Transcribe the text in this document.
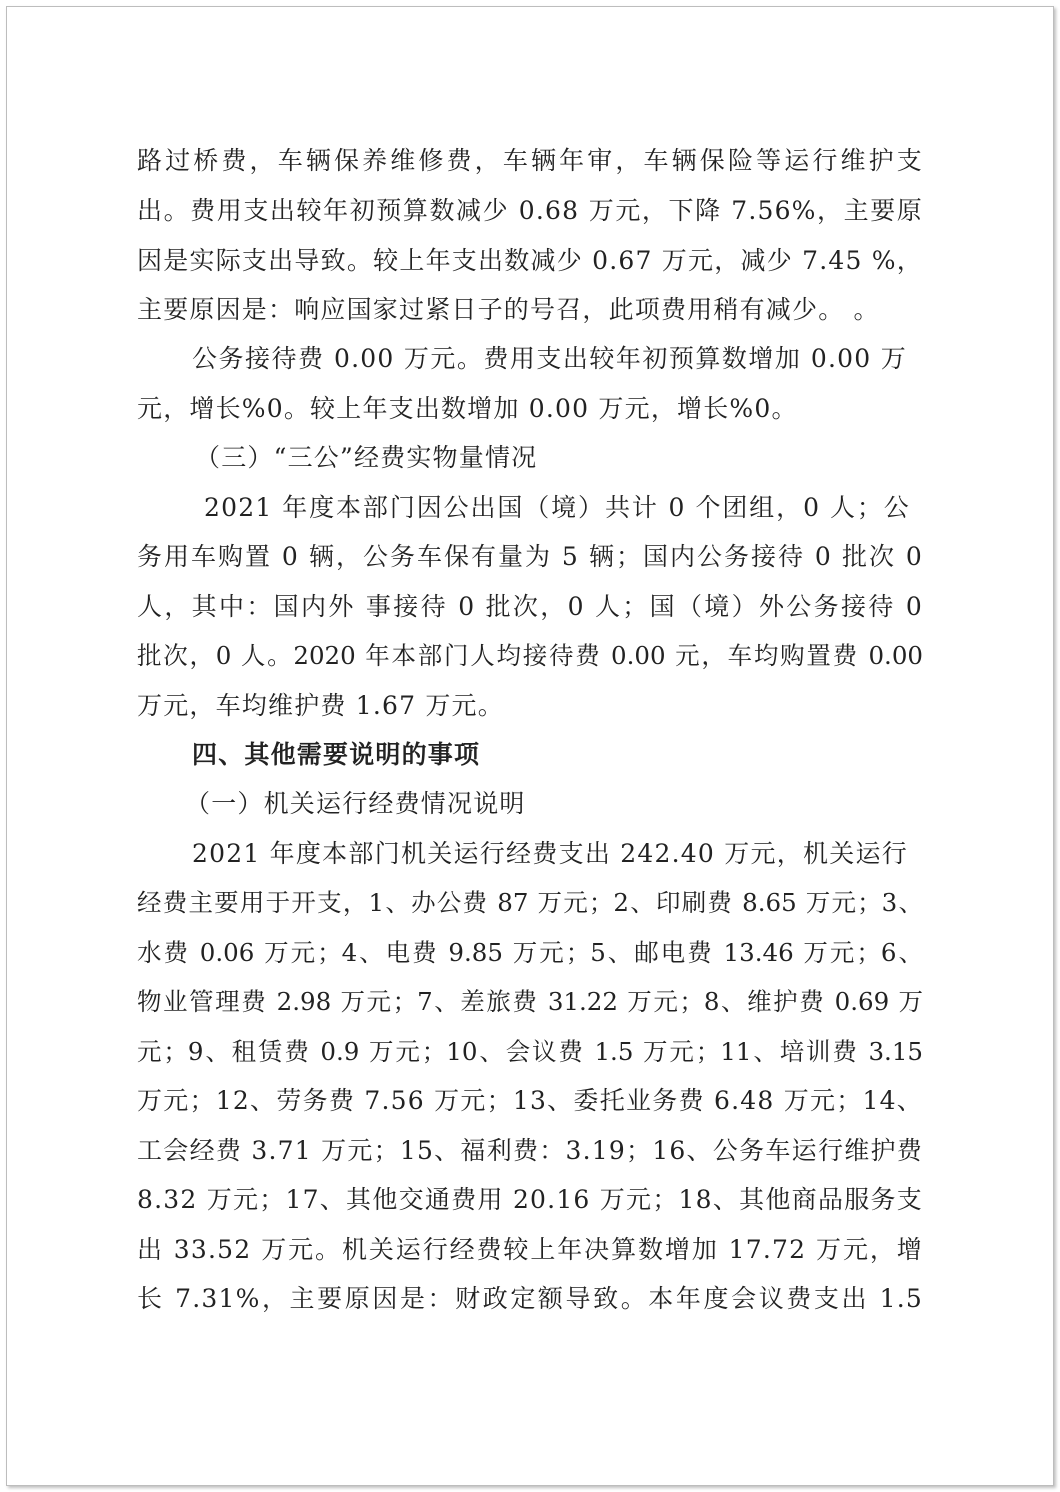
路过桥费，车辆保养维修费，车辆年审，车辆保险等运行维护支
出。费用支出较年初预算数减少 0.68 万元，下降 7.56%，主要原
因是实际支出导致。较上年支出数减少 0.67 万元，减少 7.45 %，
主要原因是：响应国家过紧日子的号召，此项费用稍有减少。 。
公务接待费 0.00 万元。费用支出较年初预算数增加 0.00 万
元，增长%0。较上年支出数增加 0.00 万元，增长%0。
（三）“三公”经费实物量情况
2021 年度本部门因公出国（境）共计 0 个团组，0 人；公
务用车购置 0 辆，公务车保有量为 5 辆；国内公务接待 0 批次 0
人，其中：国内外 事接待 0 批次，0 人；国（境）外公务接待 0
批次，0 人。2020 年本部门人均接待费 0.00 元，车均购置费 0.00
万元，车均维护费 1.67 万元。
四、其他需要说明的事项
（一）机关运行经费情况说明
2021 年度本部门机关运行经费支出 242.40 万元，机关运行
经费主要用于开支，1、办公费 87 万元；2、印刷费 8.65 万元；3、
水费 0.06 万元；4、电费 9.85 万元；5、邮电费 13.46 万元；6、
物业管理费 2.98 万元；7、差旅费 31.22 万元；8、维护费 0.69 万
元；9、租赁费 0.9 万元；10、会议费 1.5 万元；11、培训费 3.15
万元；12、劳务费 7.56 万元；13、委托业务费 6.48 万元；14、
工会经费 3.71 万元；15、福利费：3.19；16、公务车运行维护费
8.32 万元；17、其他交通费用 20.16 万元；18、其他商品服务支
出 33.52 万元。机关运行经费较上年决算数增加 17.72 万元，增
长 7.31%，主要原因是：财政定额导致。本年度会议费支出 1.5
